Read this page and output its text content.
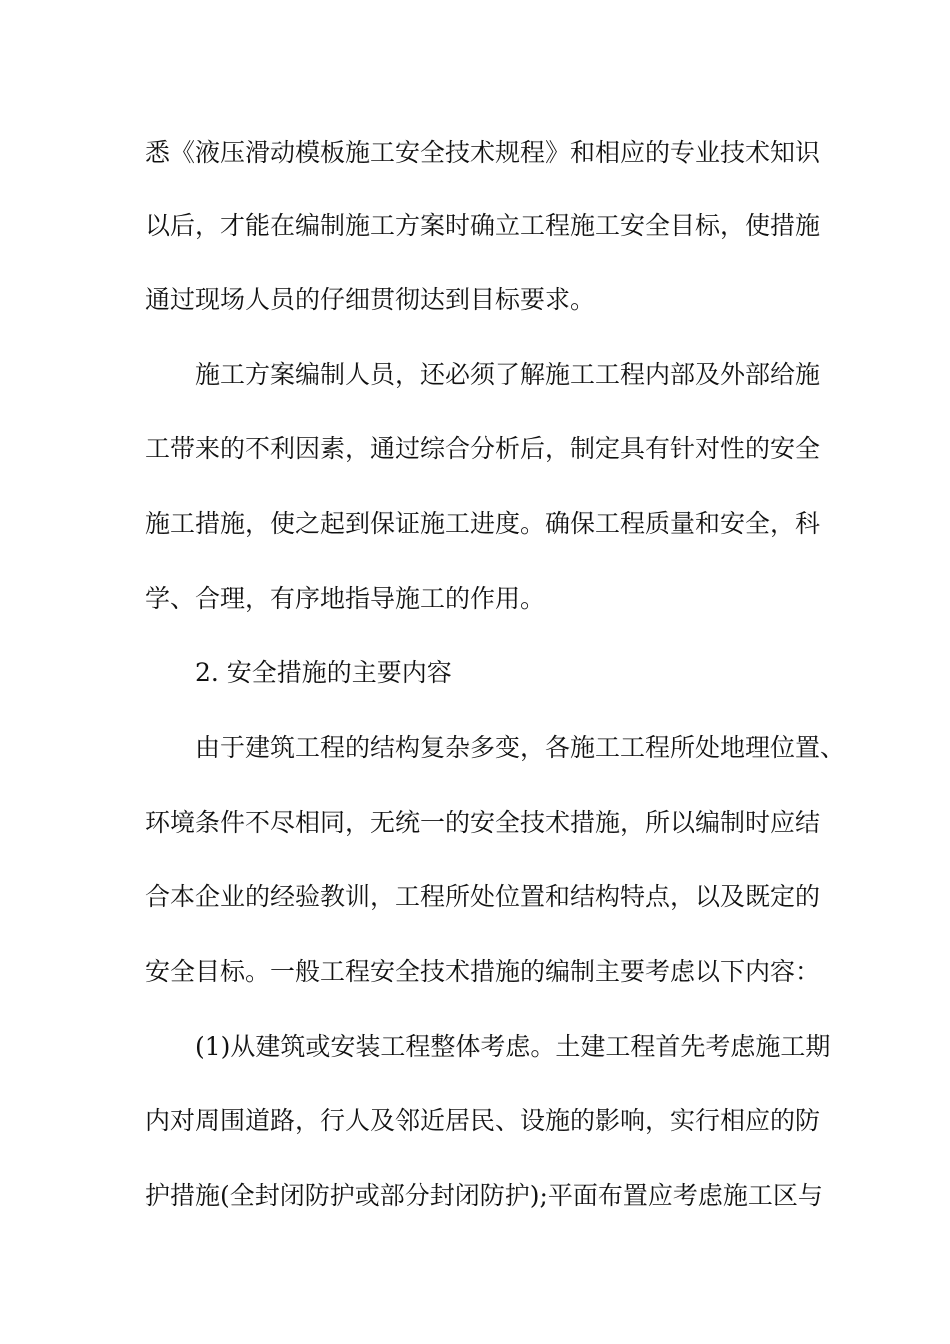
悉《液压滑动模板施工安全技术规程》和相应的专业技术知识
以后，才能在编制施工方案时确立工程施工安全目标，使措施
通过现场人员的仔细贯彻达到目标要求。
施工方案编制人员，还必须了解施工工程内部及外部给施
工带来的不利因素，通过综合分析后，制定具有针对性的安全
施工措施，使之起到保证施工进度。确保工程质量和安全，科
学、合理，有序地指导施工的作用。
2. 安全措施的主要内容
由于建筑工程的结构复杂多变，各施工工程所处地理位置、
环境条件不尽相同，无统一的安全技术措施，所以编制时应结
合本企业的经验教训，工程所处位置和结构特点，以及既定的
安全目标。一般工程安全技术措施的编制主要考虑以下内容：
(1)从建筑或安装工程整体考虑。土建工程首先考虑施工期
内对周围道路，行人及邻近居民、设施的影响，实行相应的防
护措施(全封闭防护或部分封闭防护);平面布置应考虑施工区与
